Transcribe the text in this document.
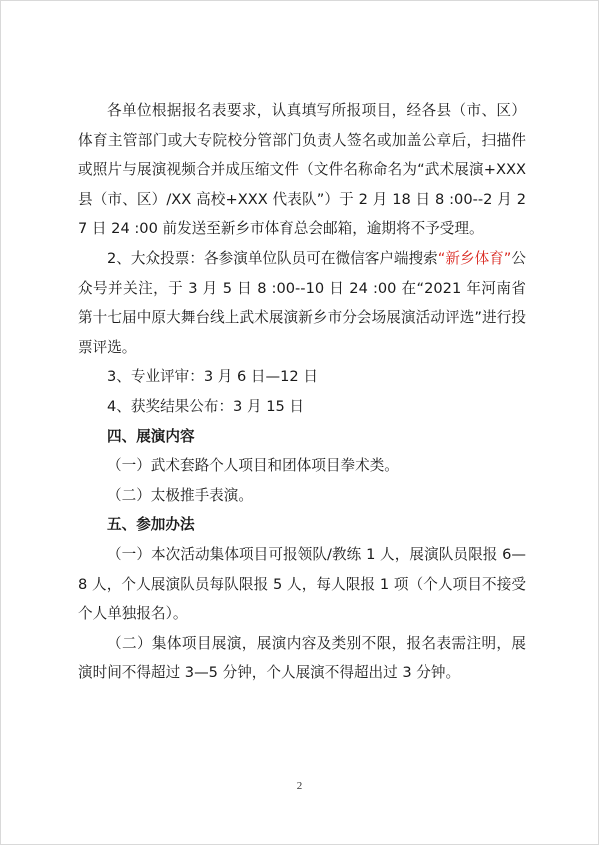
各单位根据报名表要求，认真填写所报项目，经各县（市、区）体育主管部门或大专院校分管部门负责人签名或加盖公章后，扫描件或照片与展演视频合并成压缩文件（文件名称命名为“武术展演+XXX 县（市、区）/XX 高校+XXX 代表队”）于 2 月 18 日 8 :00--2 月 27 日 24 :00 前发送至新乡市体育总会邮箱，逾期将不予受理。

2、大众投票：各参演单位队员可在微信客户端搜索“新乡体育”公众号并关注，于 3 月 5 日 8 :00--10 日 24 :00 在“2021 年河南省第十七届中原大舞台线上武术展演新乡市分会场展演活动评选”进行投票评选。

3、专业评审：3 月 6 日—12 日

4、获奖结果公布：3 月 15 日

四、展演内容

（一）武术套路个人项目和团体项目拳术类。

（二）太极推手表演。

五、参加办法

（一）本次活动集体项目可报领队/教练 1 人，展演队员限报 6—8 人，个人展演队员每队限报 5 人，每人限报 1 项（个人项目不接受个人单独报名）。

（二）集体项目展演，展演内容及类别不限，报名表需注明，展演时间不得超过 3—5 分钟，个人展演不得超出过 3 分钟。

2
